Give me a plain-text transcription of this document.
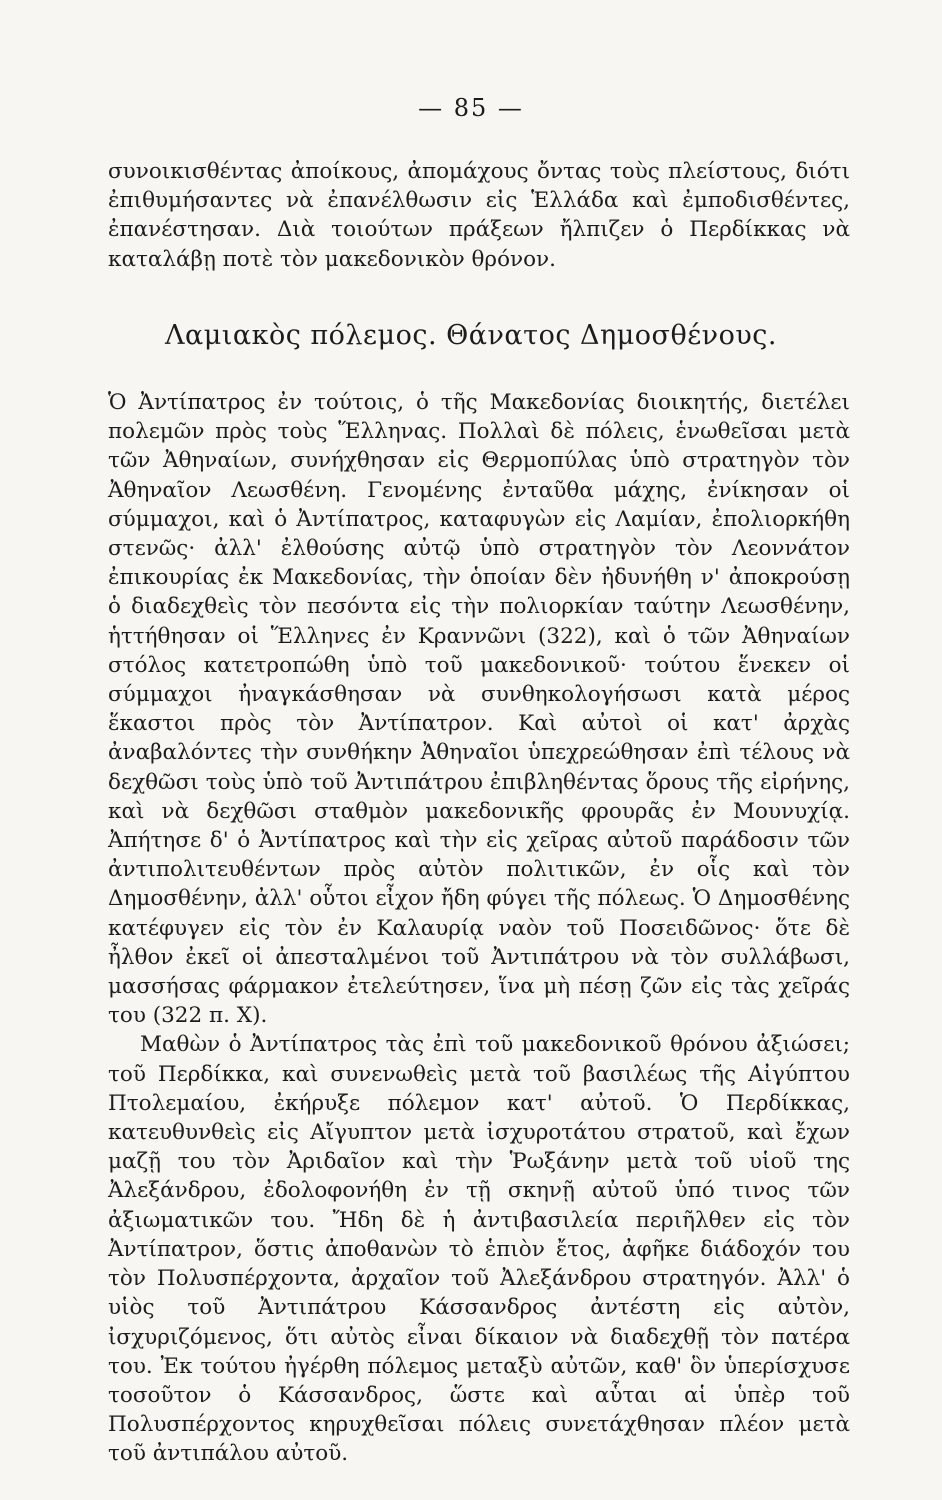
— 85 —

συνοικισθέντας ἀποίκους, ἀπομάχους ὄντας τοὺς πλείστους, διότι ἐπιθυμήσαντες νὰ ἐπανέλθωσιν εἰς Ἑλλάδα καὶ ἐμποδισθέντες, ἐπανέστησαν. Διὰ τοιούτων πράξεων ἤλπιζεν ὁ Περδίκκας νὰ καταλάβῃ ποτὲ τὸν μακεδονικὸν θρόνον.

Λαμιακὸς πόλεμος. Θάνατος Δημοσθένους.

Ὁ Ἀντίπατρος ἐν τούτοις, ὁ τῆς Μακεδονίας διοικητής, διετέλει πολεμῶν πρὸς τοὺς Ἕλληνας. Πολλαὶ δὲ πόλεις, ἑνωθεῖσαι μετὰ τῶν Ἀθηναίων, συνήχθησαν εἰς Θερμοπύλας ὑπὸ στρατηγὸν τὸν Ἀθηναῖον Λεωσθένη. Γενομένης ἐνταῦθα μάχης, ἐνίκησαν οἱ σύμμαχοι, καὶ ὁ Ἀντίπατρος, καταφυγὼν εἰς Λαμίαν, ἐπολιορκήθη στενῶς· ἀλλ' ἐλθούσης αὐτῷ ὑπὸ στρατηγὸν τὸν Λεοννάτον ἐπικουρίας ἐκ Μακεδονίας, τὴν ὁποίαν δὲν ἠδυνήθη ν' ἀποκρούσῃ ὁ διαδεχθεὶς τὸν πεσόντα εἰς τὴν πολιορκίαν ταύτην Λεωσθένην, ἡττήθησαν οἱ Ἕλληνες ἐν Κραννῶνι (322), καὶ ὁ τῶν Ἀθηναίων στόλος κατετροπώθη ὑπὸ τοῦ μακεδονικοῦ· τούτου ἕνεκεν οἱ σύμμαχοι ἠναγκάσθησαν νὰ συνθηκολογήσωσι κατὰ μέρος ἕκαστοι πρὸς τὸν Ἀντίπατρον. Καὶ αὐτοὶ οἱ κατ' ἀρχὰς ἀναβαλόντες τὴν συνθήκην Ἀθηναῖοι ὑπεχρεώθησαν ἐπὶ τέλους νὰ δεχθῶσι τοὺς ὑπὸ τοῦ Ἀντιπάτρου ἐπιβληθέντας ὅρους τῆς εἰρήνης, καὶ νὰ δεχθῶσι σταθμὸν μακεδονικῆς φρουρᾶς ἐν Μουνυχίᾳ. Ἀπήτησε δ' ὁ Ἀντίπατρος καὶ τὴν εἰς χεῖρας αὐτοῦ παράδοσιν τῶν ἀντιπολιτευθέντων πρὸς αὐτὸν πολιτικῶν, ἐν οἷς καὶ τὸν Δημοσθένην, ἀλλ' οὗτοι εἶχον ἤδη φύγει τῆς πόλεως. Ὁ Δημοσθένης κατέφυγεν εἰς τὸν ἐν Καλαυρίᾳ ναὸν τοῦ Ποσειδῶνος· ὅτε δὲ ἦλθον ἐκεῖ οἱ ἀπεσταλμένοι τοῦ Ἀντιπάτρου νὰ τὸν συλλάβωσι, μασσήσας φάρμακον ἐτελεύτησεν, ἵνα μὴ πέσῃ ζῶν εἰς τὰς χεῖράς του (322 π. Χ).

Μαθὼν ὁ Ἀντίπατρος τὰς ἐπὶ τοῦ μακεδονικοῦ θρόνου ἀξιώσει; τοῦ Περδίκκα, καὶ συνενωθεὶς μετὰ τοῦ βασιλέως τῆς Αἰγύπτου Πτολεμαίου, ἐκήρυξε πόλεμον κατ' αὐτοῦ. Ὁ Περδίκκας, κατευθυνθεὶς εἰς Αἴγυπτον μετὰ ἰσχυροτάτου στρατοῦ, καὶ ἔχων μαζῇ του τὸν Ἀριδαῖον καὶ τὴν Ῥωξάνην μετὰ τοῦ υἱοῦ της Ἀλεξάνδρου, ἐδολοφονήθη ἐν τῇ σκηνῇ αὐτοῦ ὑπό τινος τῶν ἀξιωματικῶν του. Ἤδη δὲ ἡ ἀντιβασιλεία περιῆλθεν εἰς τὸν Ἀντίπατρον, ὅστις ἀποθανὼν τὸ ἑπιὸν ἔτος, ἀφῆκε διάδοχόν του τὸν Πολυσπέρχοντα, ἀρχαῖον τοῦ Ἀλεξάνδρου στρατηγόν. Ἀλλ' ὁ υἱὸς τοῦ Ἀντιπάτρου Κάσσανδρος ἀντέστη εἰς αὐτὸν, ἰσχυριζόμενος, ὅτι αὐτὸς εἶναι δίκαιον νὰ διαδεχθῇ τὸν πατέρα του. Ἐκ τούτου ἠγέρθη πόλεμος μεταξὺ αὐτῶν, καθ' ὃν ὑπερίσχυσε τοσοῦτον ὁ Κάσσανδρος, ὥστε καὶ αὗται αἱ ὑπὲρ τοῦ Πολυσπέρχοντος κηρυχθεῖσαι πόλεις συνετάχθησαν πλέον μετὰ τοῦ ἀντιπάλου αὐτοῦ.
